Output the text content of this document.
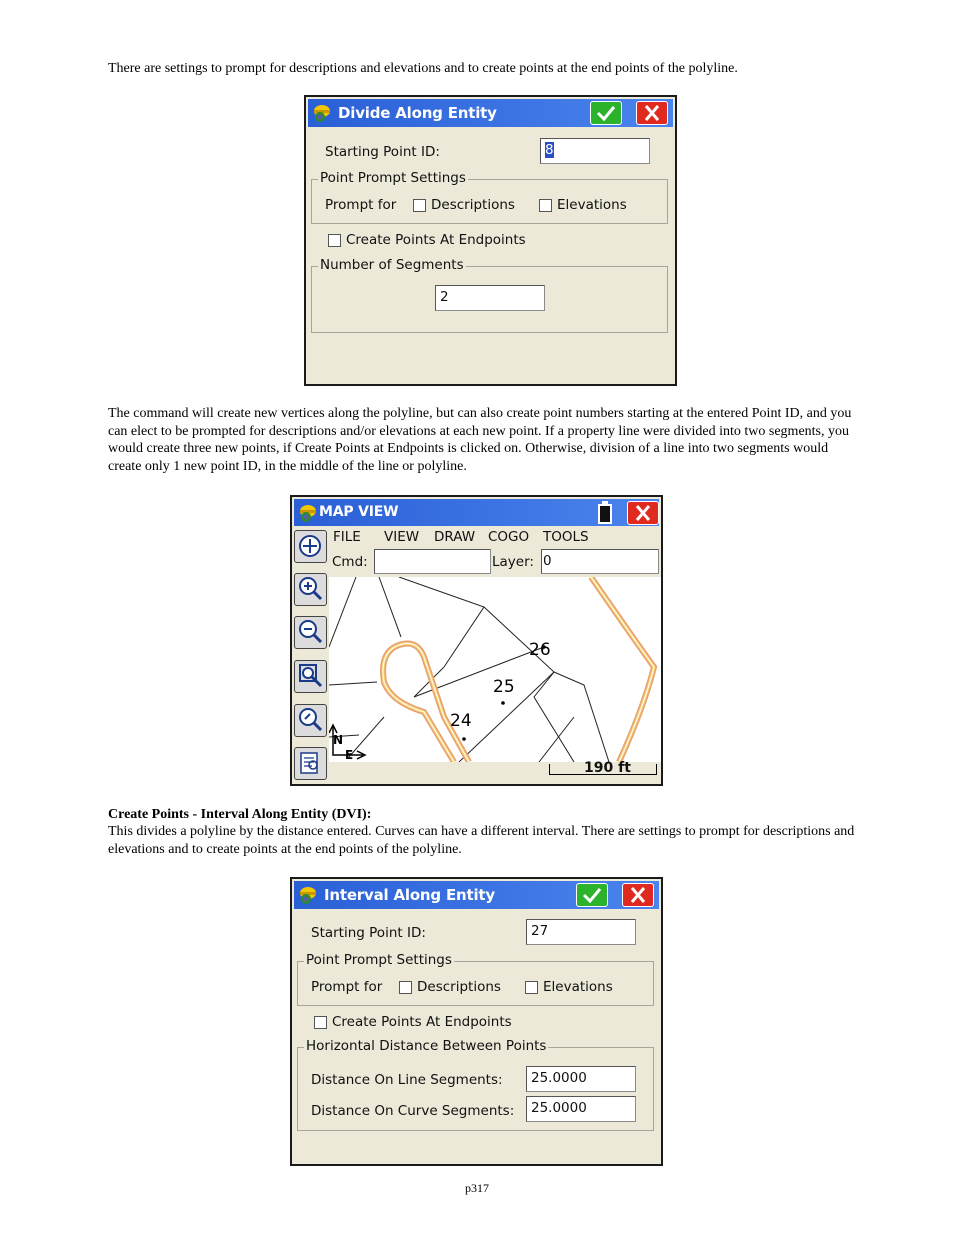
There are settings to prompt for descriptions and elevations and to create points at the end points of the polyline.

Divide Along Entity
Starting Point ID:	8
Point Prompt Settings
Prompt for	Descriptions	Elevations
Create Points At Endpoints
Number of Segments
2

The command will create new vertices along the polyline, but can also create point numbers starting at the entered Point ID, and you can elect to be prompted for descriptions and/or elevations at each new point. If a property line were divided into two segments, you would create three new points, if Create Points at Endpoints is clicked on. Otherwise, division of a line into two segments would create only 1 new point ID, in the middle of the line or polyline.

MAP VIEW
FILE VIEW DRAW COGO TOOLS
Cmd:	Layer: 0
26
25
24
N
E
190 ft

Create Points - Interval Along Entity (DVI):

This divides a polyline by the distance entered. Curves can have a different interval. There are settings to prompt for descriptions and elevations and to create points at the end points of the polyline.

Interval Along Entity
Starting Point ID:	27
Point Prompt Settings
Prompt for	Descriptions	Elevations
Create Points At Endpoints
Horizontal Distance Between Points
Distance On Line Segments:	25.0000
Distance On Curve Segments:	25.0000
p317
